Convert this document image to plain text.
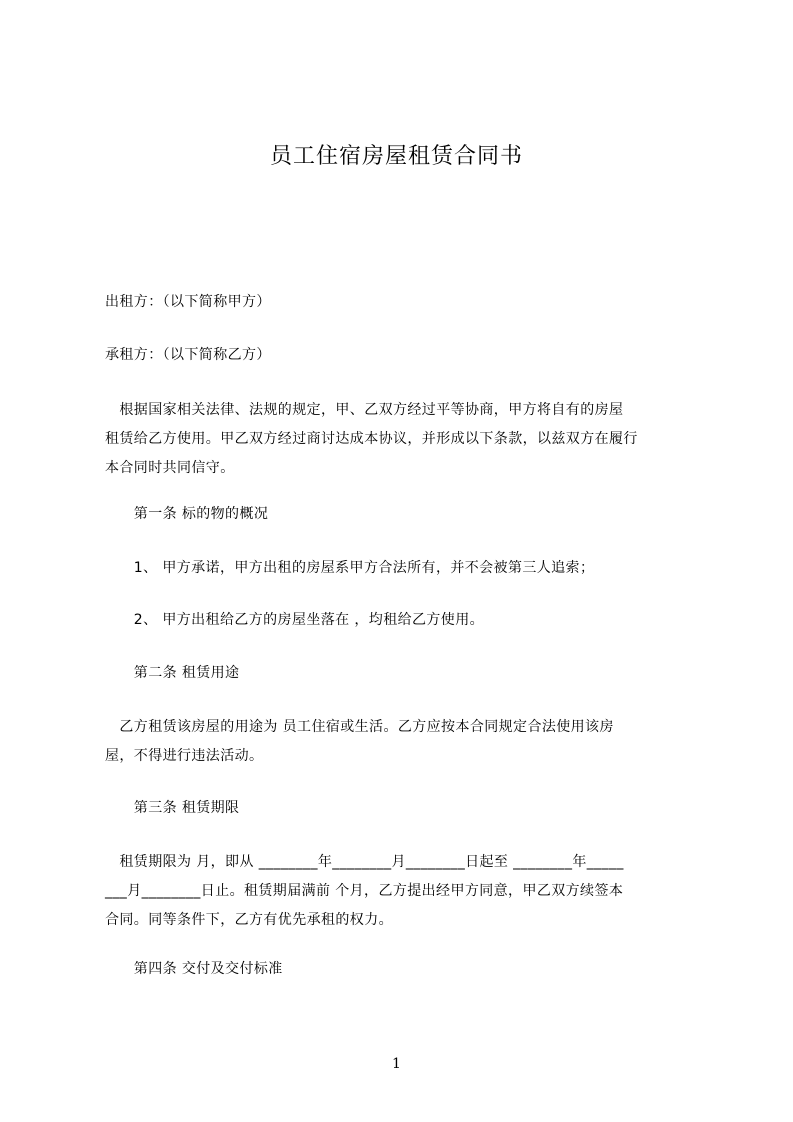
员工住宿房屋租赁合同书
出租方：（以下简称甲方）
承租方：（以下简称乙方）
　根据国家相关法律、法规的规定，甲、乙双方经过平等协商，甲方将自有的房屋
租赁给乙方使用。甲乙双方经过商讨达成本协议，并形成以下条款，以兹双方在履行
本合同时共同信守。
　　第一条 标的物的概况
　　1、 甲方承诺，甲方出租的房屋系甲方合法所有，并不会被第三人追索；
　　2、 甲方出租给乙方的房屋坐落在 ，均租给乙方使用。
　　第二条 租赁用途
　乙方租赁该房屋的用途为 员工住宿或生活。乙方应按本合同规定合法使用该房
屋，不得进行违法活动。
　　第三条 租赁期限
　租赁期限为 月，即从 ________年________月________日起至 ________年_____
___月________日止。租赁期届满前 个月，乙方提出经甲方同意，甲乙双方续签本
合同。同等条件下，乙方有优先承租的权力。
　　第四条 交付及交付标准
1
